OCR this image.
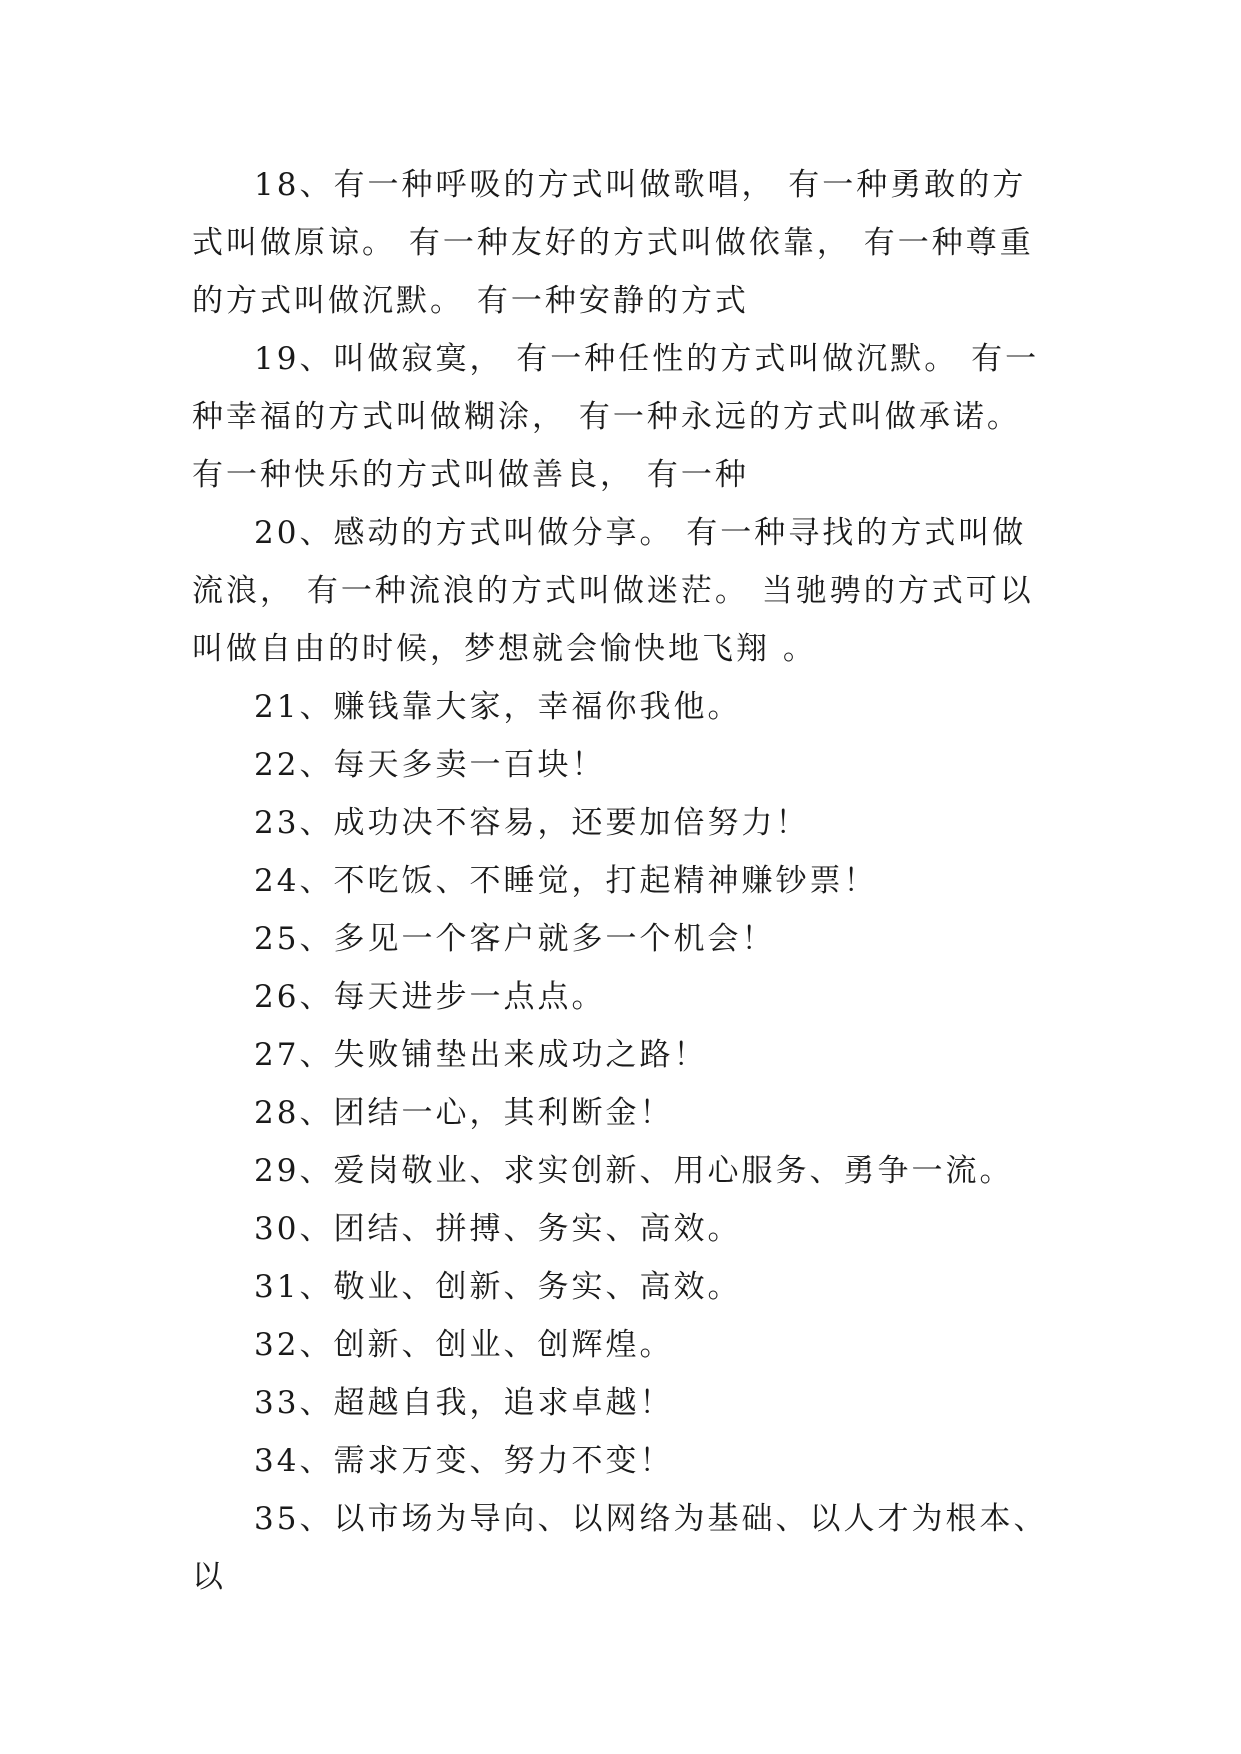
18、有一种呼吸的方式叫做歌唱， 有一种勇敢的方式叫做原谅。 有一种友好的方式叫做依靠， 有一种尊重的方式叫做沉默。 有一种安静的方式

19、叫做寂寞， 有一种任性的方式叫做沉默。 有一种幸福的方式叫做糊涂， 有一种永远的方式叫做承诺。 有一种快乐的方式叫做善良， 有一种

20、感动的方式叫做分享。 有一种寻找的方式叫做流浪， 有一种流浪的方式叫做迷茫。 当驰骋的方式可以叫做自由的时候，梦想就会愉快地飞翔 。

21、赚钱靠大家，幸福你我他。

22、每天多卖一百块！

23、成功决不容易，还要加倍努力！

24、不吃饭、不睡觉，打起精神赚钞票！

25、多见一个客户就多一个机会！

26、每天进步一点点。

27、失败铺垫出来成功之路！

28、团结一心，其利断金！

29、爱岗敬业、求实创新、用心服务、勇争一流。

30、团结、拼搏、务实、高效。

31、敬业、创新、务实、高效。

32、创新、创业、创辉煌。

33、超越自我，追求卓越！

34、需求万变、努力不变！

35、以市场为导向、以网络为基础、以人才为根本、以
